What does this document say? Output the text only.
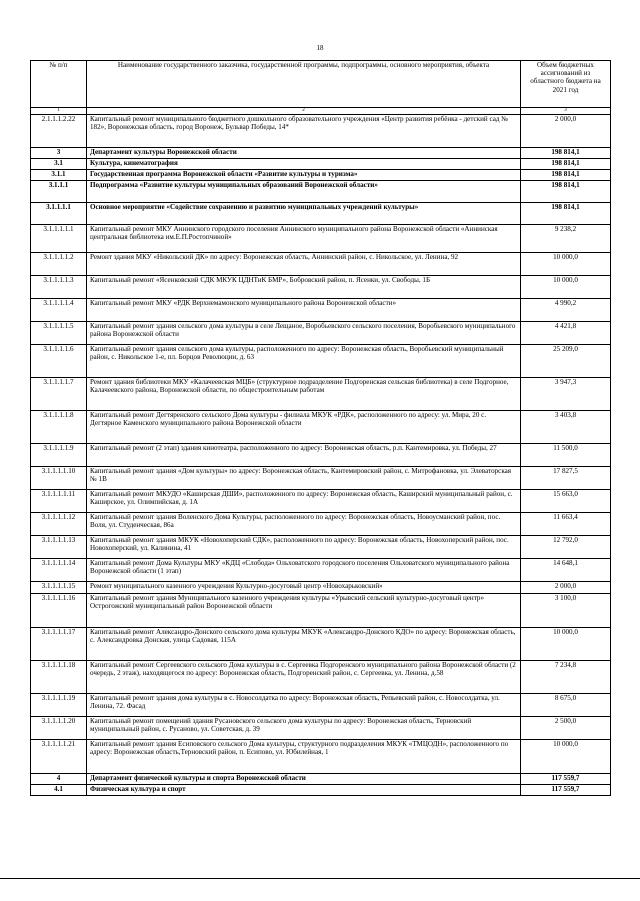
18
№ п/п	Наименование государственного заказчика, государственной программы, подпрограммы, основного мероприятия, объекта	Объем бюджетных ассигнований из областного бюджета на 2021 год
1	2	3
2.1.1.1.2.22	Капитальный ремонт муниципального бюджетного дошкольного образовательного учреждения «Центр развития ребёнка - детский сад № 182», Воронежская область, город Воронеж, Бульвар Победы, 14*	2 000,0
3	Департамент культуры Воронежской области	198 814,1
3.1	Культура, кинематография	198 814,1
3.1.1	Государственная программа Воронежской области «Развитие культуры и туризма»	198 814,1
3.1.1.1	Подпрограмма «Развитие культуры муниципальных образований Воронежской области»	198 814,1
3.1.1.1.1	Основное мероприятие «Содействие сохранению и развитию муниципальных учреждений культуры»	198 814,1
3.1.1.1.1.1	Капитальный ремонт МКУ Аннинского городского поселения Аннинского муниципального района Воронежской области «Аннинская центральная библиотека им.Е.П.Ростопчиной»	9 238,2
3.1.1.1.1.2	Ремонт здания МКУ «Никольский ДК» по адресу: Воронежская область, Аннинский район, с. Никольское, ул. Ленина, 92	10 000,0
3.1.1.1.1.3	Капитальный ремонт «Ясенковский СДК МКУК ЦДНТиК БМР», Бобровский район, п. Ясенки, ул. Свободы, 1Б	10 000,0
3.1.1.1.1.4	Капитальный ремонт МКУ «РДК Верхнемамонского муниципального района Воронежской области»	4 990,2
3.1.1.1.1.5	Капитальный ремонт здания сельского дома культуры в селе Лещаное, Воробьевского сельского поселения, Воробьевского муниципального района Воронежской области	4 421,8
3.1.1.1.1.6	Капитальный ремонт здания сельского дома культуры, расположенного по адресу: Воронежская область, Воробьевский муниципальный район, с. Никольское 1-е, пл. Борцов Революции, д. 63	25 209,0
3.1.1.1.1.7	Ремонт здания библиотеки МКУ «Калачеевская МЦБ» (структурное подразделение Подгоренская сельская библиотека) в селе Подгорное, Калачеевского района, Воронежской области, по общестроительным работам	3 947,3
3.1.1.1.1.8	Капитальный ремонт Дегтяренского сельского Дома культуры - филиала МКУК «РДК», расположенного по адресу: ул. Мира, 20 с. Дегтярное Каменского муниципального района Воронежской области	3 403,8
3.1.1.1.1.9	Капитальный ремонт (2 этап) здания кинотеатра, расположенного по адресу: Воронежская область, р.п. Кантемировка, ул. Победы, 27	11 500,0
3.1.1.1.1.10	Капитальный ремонт здания «Дом культуры» по адресу: Воронежская область, Кантемировский район, с. Митрофановка, ул. Элеваторская № 1В	17 827,5
3.1.1.1.1.11	Капитальный ремонт МКУДО «Каширская ДШИ», расположенного по адресу: Воронежская область, Каширский муниципальный район, с. Каширское, ул. Олимпийская, д. 1А	15 663,0
3.1.1.1.1.12	Капитальный ремонт здания Воленского Дома Культуры, расположенного по адресу: Воронежская область, Новоусманский район, пос. Воля, ул. Студенческая, 86а	11 663,4
3.1.1.1.1.13	Капитальный ремонт здания МКУК «Новохоперский СДК», расположенного по адресу: Воронежская область, Новохоперский район, пос. Новохоперский, ул. Калинина, 41	12 792,0
3.1.1.1.1.14	Капитальный ремонт Дома Культуры МКУ «КДЦ «Слобода» Ольховатского городского поселения Ольховатского муниципального района Воронежской области (1 этап)	14 648,1
3.1.1.1.1.15	Ремонт муниципального казенного учреждения Культурно-досуговый центр «Новохарьковский»	2 000,0
3.1.1.1.1.16	Капитальный ремонт здания Муниципального казенного учреждения культуры «Урывский сельский культурно-досуговый центр» Острогожский муниципальный район Воронежской области	3 100,0
3.1.1.1.1.17	Капитальный ремонт Александро-Донского сельского дома культуры МКУК «Александро-Донского КДО» по адресу: Воронежская область, с. Александровка Донская, улица Садовая, 115А	10 000,0
3.1.1.1.1.18	Капитальный ремонт Сергеевского сельского Дома культуры в с. Сергеевка Подгоренского муниципального района Воронежской области (2 очередь, 2 этаж), находящегося по адресу: Воронежская область, Подгоренский район, с. Сергеевка, ул. Ленина, д.58	7 234,8
3.1.1.1.1.19	Капитальный ремонт здания дома культуры в с. Новосолдатка по адресу: Воронежская область, Репьевский район, с. Новосолдатка, ул. Ленина, 72. Фасад	8 675,0
3.1.1.1.1.20	Капитальный ремонт помещений здания Русановского сельского дома культуры по адресу: Воронежская область, Терновский муниципальный район, с. Русаново, ул. Советская, д. 39	2 500,0
3.1.1.1.1.21	Капитальный ремонт здания Есиповского сельского Дома культуры, структурного подразделения МКУК «ТМЦОДН», расположенного по адресу: Воронежская область,Терновский район, п. Есипово, ул. Юбилейная, 1	10 000,0
4	Департамент физической культуры и спорта Воронежской области	117 559,7
4.1	Физическая культура и спорт	117 559,7
